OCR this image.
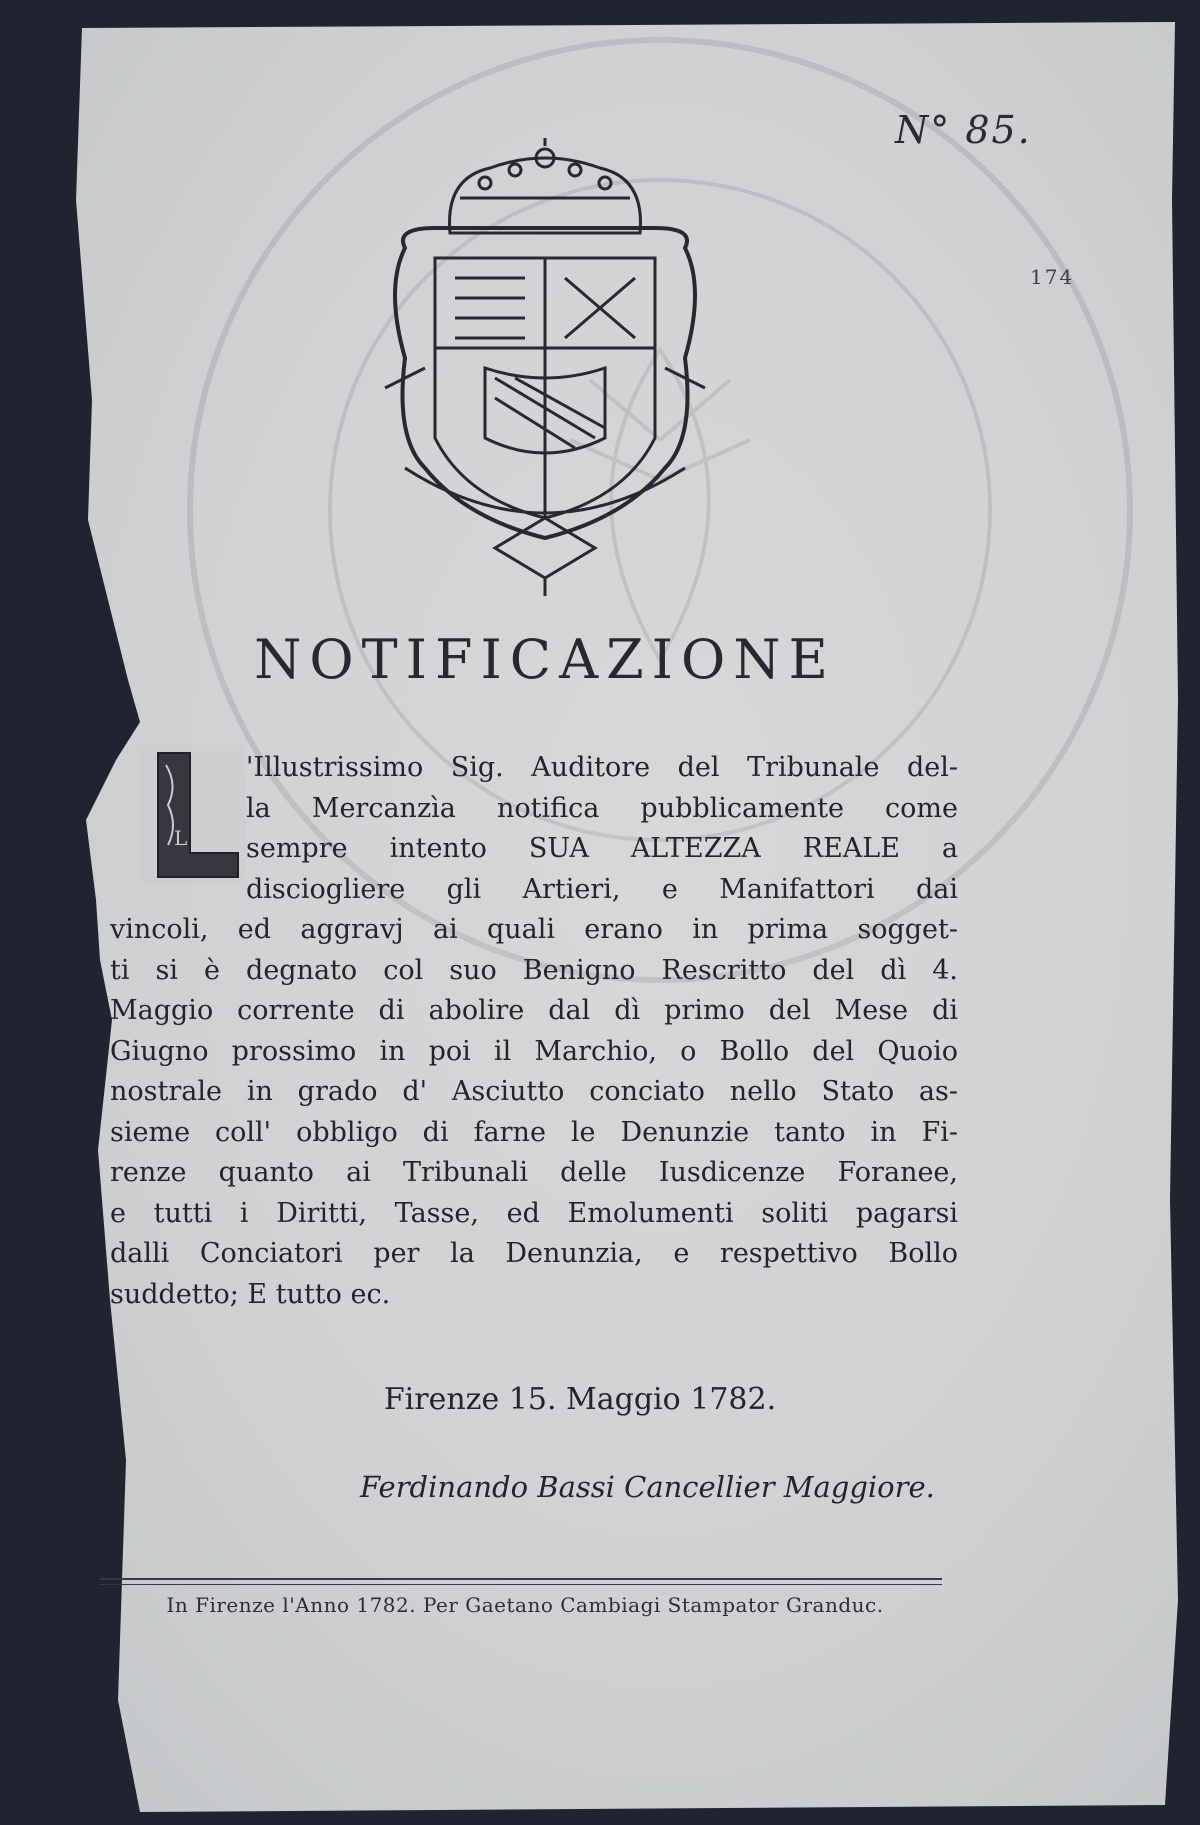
N° 85.
174
NOTIFICAZIONE
L
'Illustrissimo Sig. Auditore del Tribunale del-
la Mercanzìa notifica pubblicamente come
sempre intento SUA ALTEZZA REALE a
disciogliere gli Artieri, e Manifattori dai
vincoli, ed aggravj ai quali erano in prima sogget-
ti si è degnato col suo Benigno Rescritto del dì 4.
Maggio corrente di abolire dal dì primo del Mese di
Giugno prossimo in poi il Marchio, o Bollo del Quoio
nostrale in grado d' Asciutto conciato nello Stato as-
sieme coll' obbligo di farne le Denunzie tanto in Fi-
renze quanto ai Tribunali delle Iusdicenze Foranee,
e tutti i Diritti, Tasse, ed Emolumenti soliti pagarsi
dalli Conciatori per la Denunzia, e respettivo Bollo
suddetto; E tutto ec.
Firenze 15. Maggio 1782.
Ferdinando Bassi Cancellier Maggiore.
In Firenze l'Anno 1782. Per Gaetano Cambiagi Stampator Granduc.
